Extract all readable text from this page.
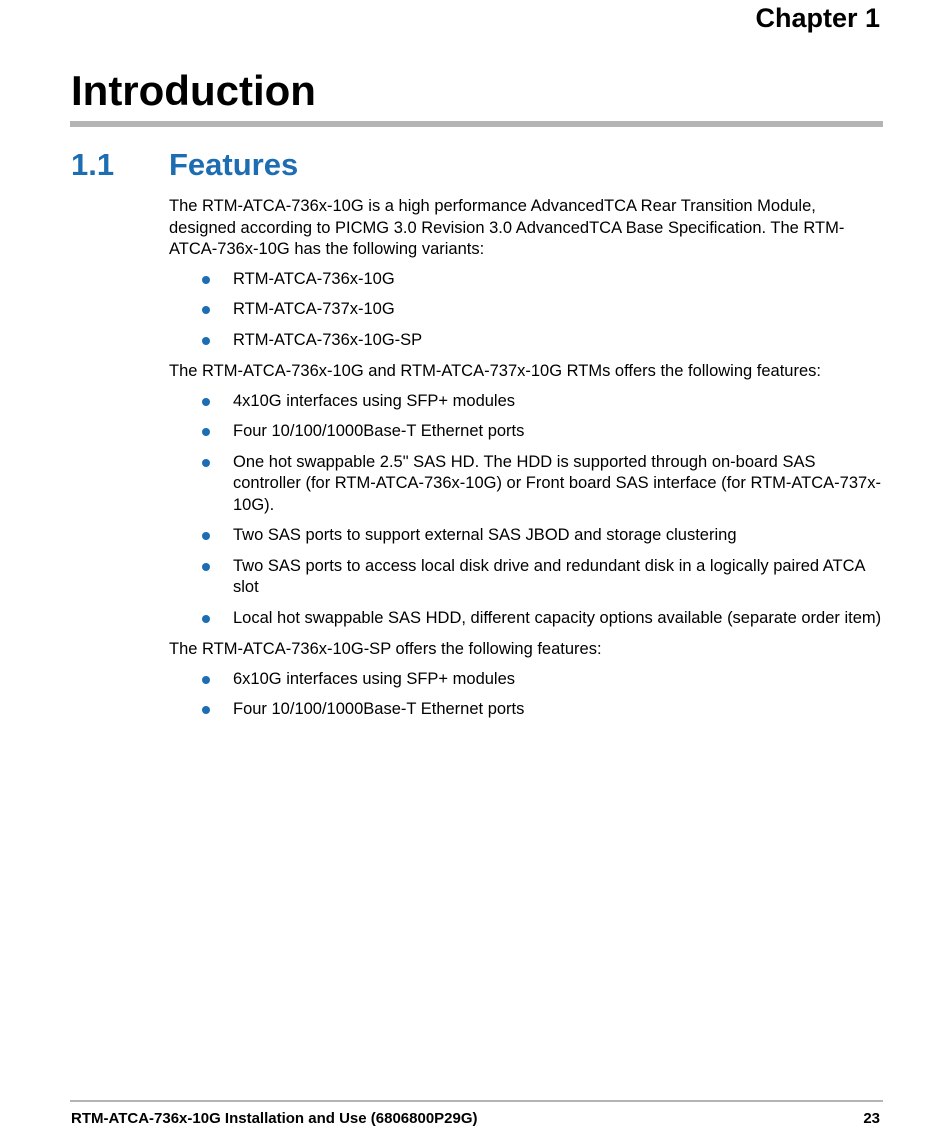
Chapter 1
Introduction
1.1 Features

The RTM-ATCA-736x-10G is a high performance AdvancedTCA Rear Transition Module, designed according to PICMG 3.0 Revision 3.0 AdvancedTCA Base Specification. The RTM-ATCA-736x-10G has the following variants:

RTM-ATCA-736x-10G
RTM-ATCA-737x-10G
RTM-ATCA-736x-10G-SP

The RTM-ATCA-736x-10G and RTM-ATCA-737x-10G RTMs offers the following features:

4x10G interfaces using SFP+ modules
Four 10/100/1000Base-T Ethernet ports
One hot swappable 2.5" SAS HD. The HDD is supported through on-board SAS controller (for RTM-ATCA-736x-10G) or Front board SAS interface (for RTM-ATCA-737x-10G).
Two SAS ports to support external SAS JBOD and storage clustering
Two SAS ports to access local disk drive and redundant disk in a logically paired ATCA slot
Local hot swappable SAS HDD, different capacity options available (separate order item)

The RTM-ATCA-736x-10G-SP offers the following features:

6x10G interfaces using SFP+ modules
Four 10/100/1000Base-T Ethernet ports
RTM-ATCA-736x-10G Installation and Use (6806800P29G)	23
